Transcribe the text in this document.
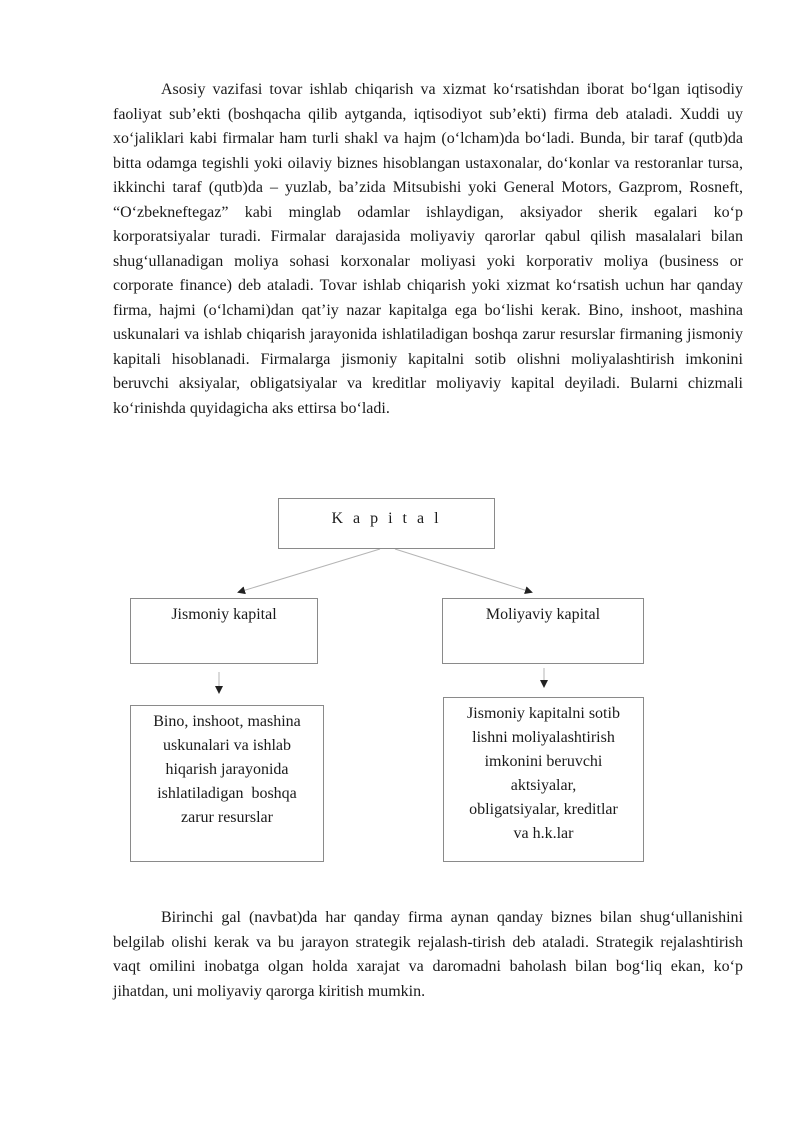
Asosiy vazifasi tovar ishlab chiqarish va xizmat koʻrsatishdan iborat boʻlgan iqtisodiy faoliyat sub’ekti (boshqacha qilib aytganda, iqtisodiyot sub’ekti) firma deb ataladi. Xuddi uy xoʻjaliklari kabi firmalar ham turli shakl va hajm (oʻlcham)da boʻladi. Bunda, bir taraf (qutb)da bitta odamga tegishli yoki oilaviy biznes hisoblangan ustaxonalar, doʻkonlar va restoranlar tursa, ikkinchi taraf (qutb)da – yuzlab, ba’zida Mitsubishi yoki General Motors, Gazprom, Rosneft, “Oʻzbekneftegaz” kabi minglab odamlar ishlaydigan, aksiyador sherik egalari koʻp korporatsiyalar turadi. Firmalar darajasida moliyaviy qarorlar qabul qilish masalalari bilan shugʻullanadigan moliya sohasi korxonalar moliyasi yoki korporativ moliya (business or corporate finance) deb ataladi. Tovar ishlab chiqarish yoki xizmat koʻrsatish uchun har qanday firma, hajmi (oʻlchami)dan qat’iy nazar kapitalga ega boʻlishi kerak. Bino, inshoot, mashina uskunalari va ishlab chiqarish jarayonida ishlatiladigan boshqa zarur resurslar firmaning jismoniy kapitali hisoblanadi. Firmalarga jismoniy kapitalni sotib olishni moliyalashtirish imkonini beruvchi aksiyalar, obligatsiyalar va kreditlar moliyaviy kapital deyiladi. Bularni chizmali koʻrinishda quyidagicha aks ettirsa boʻladi.

K a p i t a l
Jismoniy kapital	Moliyaviy kapital
Bino, inshoot, mashina
uskunalari va ishlab
hiqarish jarayonida
ishlatiladigan  boshqa
zarur resurslar
Jismoniy kapitalni sotib
lishni moliyalashtirish
imkonini beruvchi
aktsiyalar,
obligatsiyalar, kreditlar
va h.k.lar

Birinchi gal (navbat)da har qanday firma aynan qanday biznes bilan shugʻullanishini belgilab olishi kerak va bu jarayon strategik rejalash-tirish deb ataladi. Strategik rejalashtirish vaqt omilini inobatga olgan holda xarajat va daromadni baholash bilan bogʻliq ekan, koʻp jihatdan, uni moliyaviy qarorga kiritish mumkin.
